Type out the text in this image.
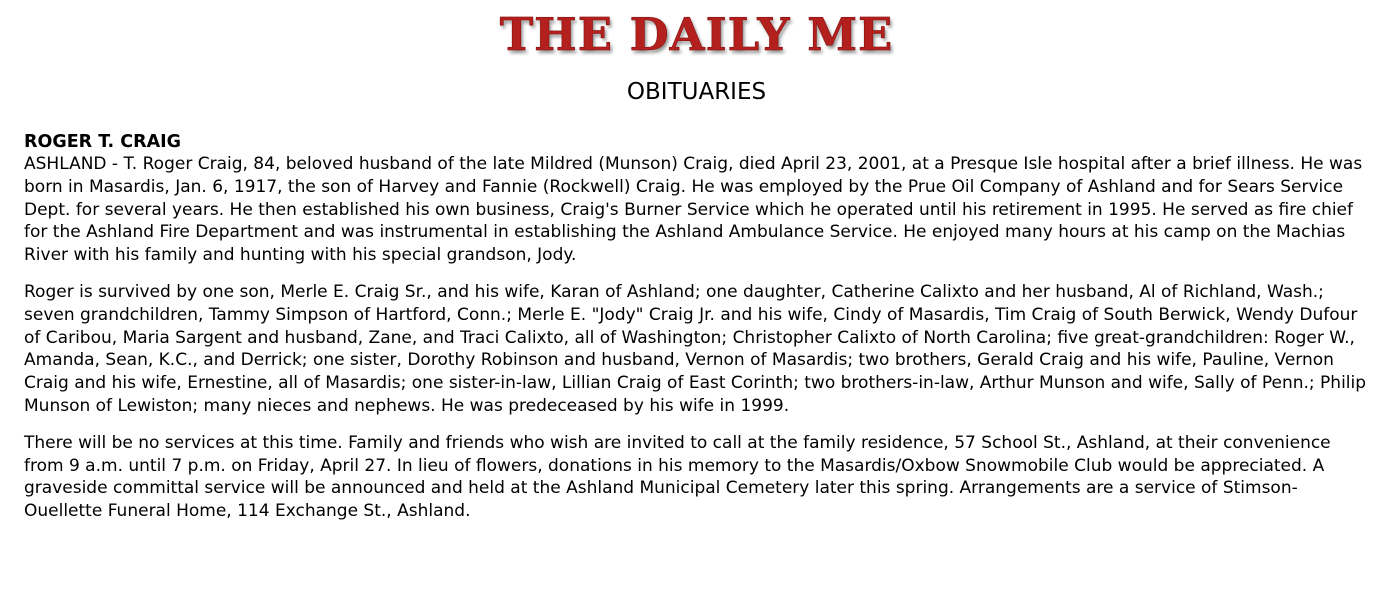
THE DAILY ME
OBITUARIES
ROGER T. CRAIG

ASHLAND - T. Roger Craig, 84, beloved husband of the late Mildred (Munson) Craig, died April 23, 2001, at a Presque Isle hospital after a brief illness. He was born in Masardis, Jan. 6, 1917, the son of Harvey and Fannie (Rockwell) Craig. He was employed by the Prue Oil Company of Ashland and for Sears Service Dept. for several years. He then established his own business, Craig's Burner Service which he operated until his retirement in 1995. He served as fire chief for the Ashland Fire Department and was instrumental in establishing the Ashland Ambulance Service. He enjoyed many hours at his camp on the Machias River with his family and hunting with his special grandson, Jody.

Roger is survived by one son, Merle E. Craig Sr., and his wife, Karan of Ashland; one daughter, Catherine Calixto and her husband, Al of Richland, Wash.; seven grandchildren, Tammy Simpson of Hartford, Conn.; Merle E. "Jody" Craig Jr. and his wife, Cindy of Masardis, Tim Craig of South Berwick, Wendy Dufour of Caribou, Maria Sargent and husband, Zane, and Traci Calixto, all of Washington; Christopher Calixto of North Carolina; five great-grandchildren: Roger W., Amanda, Sean, K.C., and Derrick; one sister, Dorothy Robinson and husband, Vernon of Masardis; two brothers, Gerald Craig and his wife, Pauline, Vernon Craig and his wife, Ernestine, all of Masardis; one sister-in-law, Lillian Craig of East Corinth; two brothers-in-law, Arthur Munson and wife, Sally of Penn.; Philip Munson of Lewiston; many nieces and nephews. He was predeceased by his wife in 1999.

There will be no services at this time. Family and friends who wish are invited to call at the family residence, 57 School St., Ashland, at their convenience from 9 a.m. until 7 p.m. on Friday, April 27. In lieu of flowers, donations in his memory to the Masardis/Oxbow Snowmobile Club would be appreciated. A graveside committal service will be announced and held at the Ashland Municipal Cemetery later this spring. Arrangements are a service of Stimson-Ouellette Funeral Home, 114 Exchange St., Ashland.
